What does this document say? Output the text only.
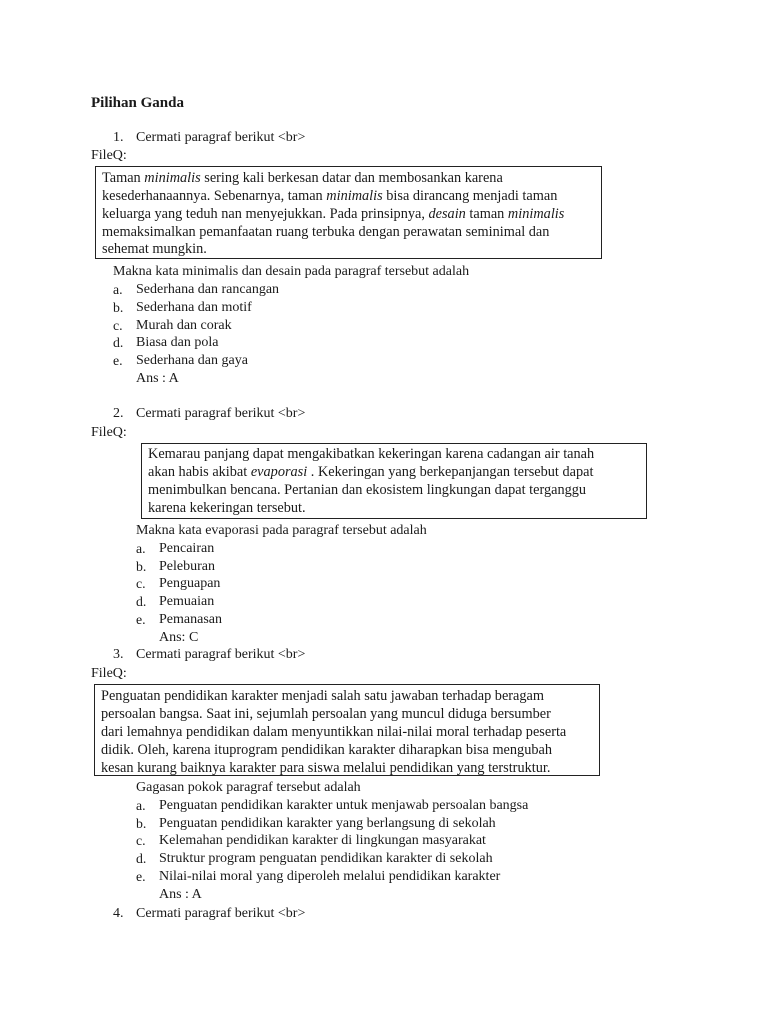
Pilihan Ganda
1. Cermati paragraf berikut <br>
FileQ:
Taman minimalis sering kali berkesan datar dan membosankan karena
kesederhanaannya. Sebenarnya, taman minimalis bisa dirancang menjadi taman
keluarga yang teduh nan menyejukkan. Pada prinsipnya, desain taman minimalis
memaksimalkan pemanfaatan ruang terbuka dengan perawatan seminimal dan
sehemat mungkin.
Makna kata minimalis dan desain pada paragraf tersebut adalah
a. Sederhana dan rancangan
b. Sederhana dan motif
c. Murah dan corak
d. Biasa dan pola
e. Sederhana dan gaya
Ans : A
2. Cermati paragraf berikut <br>
FileQ:
Kemarau panjang dapat mengakibatkan kekeringan karena cadangan air tanah
akan habis akibat evaporasi . Kekeringan yang berkepanjangan tersebut dapat
menimbulkan bencana. Pertanian dan ekosistem lingkungan dapat terganggu
karena kekeringan tersebut.
Makna kata evaporasi pada paragraf tersebut adalah
a. Pencairan
b. Peleburan
c. Penguapan
d. Pemuaian
e. Pemanasan
Ans: C
3. Cermati paragraf berikut <br>
FileQ:
Penguatan pendidikan karakter menjadi salah satu jawaban terhadap beragam
persoalan bangsa. Saat ini, sejumlah persoalan yang muncul diduga bersumber
dari lemahnya pendidikan dalam menyuntikkan nilai-nilai moral terhadap peserta
didik. Oleh, karena ituprogram pendidikan karakter diharapkan bisa mengubah
kesan kurang baiknya karakter para siswa melalui pendidikan yang terstruktur.
Gagasan pokok paragraf tersebut adalah
a. Penguatan pendidikan karakter untuk menjawab persoalan bangsa
b. Penguatan pendidikan karakter yang berlangsung di sekolah
c. Kelemahan pendidikan karakter di lingkungan masyarakat
d. Struktur program penguatan pendidikan karakter di sekolah
e. Nilai-nilai moral yang diperoleh melalui pendidikan karakter
Ans : A
4. Cermati paragraf berikut <br>
